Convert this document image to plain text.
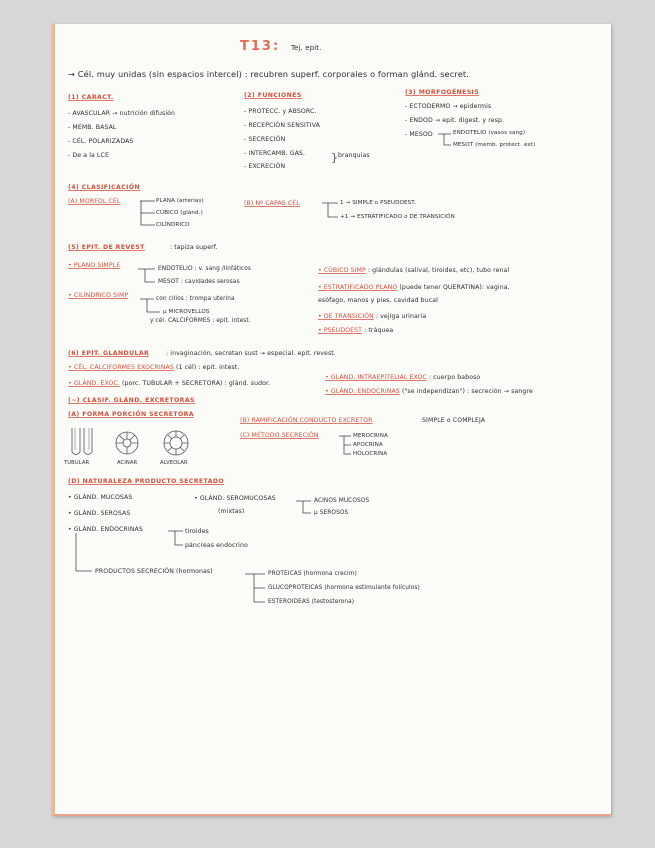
T13: Tej. epit.
→ Cél. muy unidas (sin espacios intercel) : recubren superf. corporales o forman glánd. secret.
(1) CARACT.
- AVASCULAR → nutrición difusión
- MEMB. BASAL
- CÉL. POLARIZADAS
- De a la LCE
(2) FUNCIONES
- PROTECC. y ABSORC.
- RECEPCIÓN SENSITIVA
- SECRECIÓN
- INTERCAMB. GAS.
- EXCRECIÓN
} branquias
(3) MORFOGÉNESIS
- ECTODERMO → epidermis
- ENDOD → epit. digest. y resp.
- MESOD	ENDOTELIO (vasos sang)
MESOT (memb. protect. ext)
(4) CLASIFICACIÓN
(A) MORFOL CÉL	PLANA (arterias)
CÚBICO (glánd.)
CILÍNDRICO
(B) Nº CAPAS CÉL	1 → SIMPLE o PSEUDOEST.
+1 → ESTRATIFICADO o DE TRANSICIÓN
(5) EPIT. DE REVEST	: tapiza superf.
• PLANO SIMPLE	ENDOTELIO : v. sang /linfáticos
MESOT : cavidades serosas
• CILÍNDRICO SIMP	con cilios : trompa uterina
μ MICROVELLOS
y cél. CALCIFORMES : epit. intest.
• CÚBICO SIMP : glándulas (salival, tiroides, etc), tubo renal
• ESTRATIFICADO PLANO (puede tener QUERATINA): vagina,
esófago, manos y pies, cavidad bucal
• DE TRANSICIÓN : vejiga urinaria
• PSEUDOEST : tráquea
(6) EPIT. GLANDULAR	: invaginación, secretan sust → especial. epit. revest.
• CÉL. CALCIFORMES EXOCRINAS (1 cél) : epit. intest.
• GLÁND. EXOC. (porc. TUBULAR + SECRETORA) : glánd. sudor.
• GLÁND. INTRAEPITELIAL EXOC : cuerpo baboso
• GLÁND. ENDOCRINAS ("se independizan") : secreción → sangre
(~) CLASIF. GLÁND. EXCRETORAS
(A) FORMA PORCIÓN SECRETORA
TUBULAR	ACINAR	ALVEOLAR
(B) RAMIFICACIÓN CONDUCTO EXCRETOR	SIMPLE o COMPLEJA
(C) MÉTODO SECRECIÓN	MEROCRINA
APOCRINA
HOLOCRINA
(D) NATURALEZA PRODUCTO SECRETADO
• GLÁND. MUCOSAS
• GLÁND. SEROSAS
• GLÁND. SEROMUCOSAS
(mixtas)
ACINOS MUCOSOS
μ SEROSOS
• GLÁND. ENDOCRINAS	tiroides
páncreas endocrino
PRODUCTOS SECRECIÓN (hormonas)	PROTEICAS (hormona crecim)
GLUCOPROTEICAS (hormona estimulante folículos)
ESTEROIDEAS (testosterona)
